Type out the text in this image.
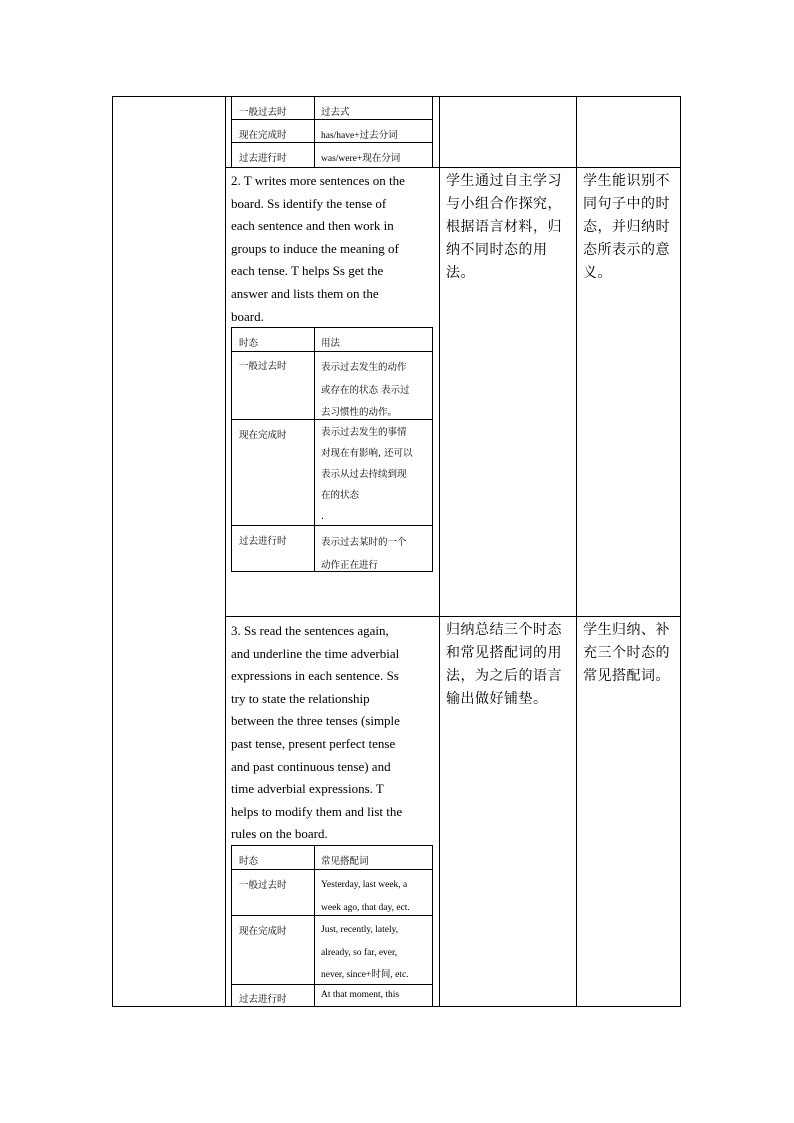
一般过去时	过去式
现在完成时	has/have+过去分词
过去进行时	was/were+现在分词
2. T writes more sentences on the
board. Ss identify the tense of
each sentence and then work in
groups to induce the meaning of
each tense. T helps Ss get the
answer and lists them on the
board.
学生通过自主学习
与小组合作探究，
根据语言材料，归
纳不同时态的用法。
学生能识别不
同句子中的时
态，并归纳时
态所表示的意
义。
时态	用法
一般过去时	表示过去发生的动作
或存在的状态 表示过
去习惯性的动作。
现在完成时	表示过去发生的事情
对现在有影响, 还可以
表示从过去持续到现
在的状态
.
过去进行时	表示过去某时的一个
动作正在进行
3. Ss read the sentences again,
and underline the time adverbial
expressions in each sentence. Ss
try to state the relationship
between the three tenses (simple
past tense, present perfect tense
and past continuous tense) and
time adverbial expressions. T
helps to modify them and list the
rules on the board.
归纳总结三个时态
和常见搭配词的用
法，为之后的语言
输出做好铺垫。
学生归纳、补
充三个时态的
常见搭配词。
时态	常见搭配词
一般过去时	Yesterday, last week, a
week ago, that day, ect.
现在完成时	Just, recently, lately,
already, so far, ever,
never, since+时间, etc.
过去进行时	At that moment, this
